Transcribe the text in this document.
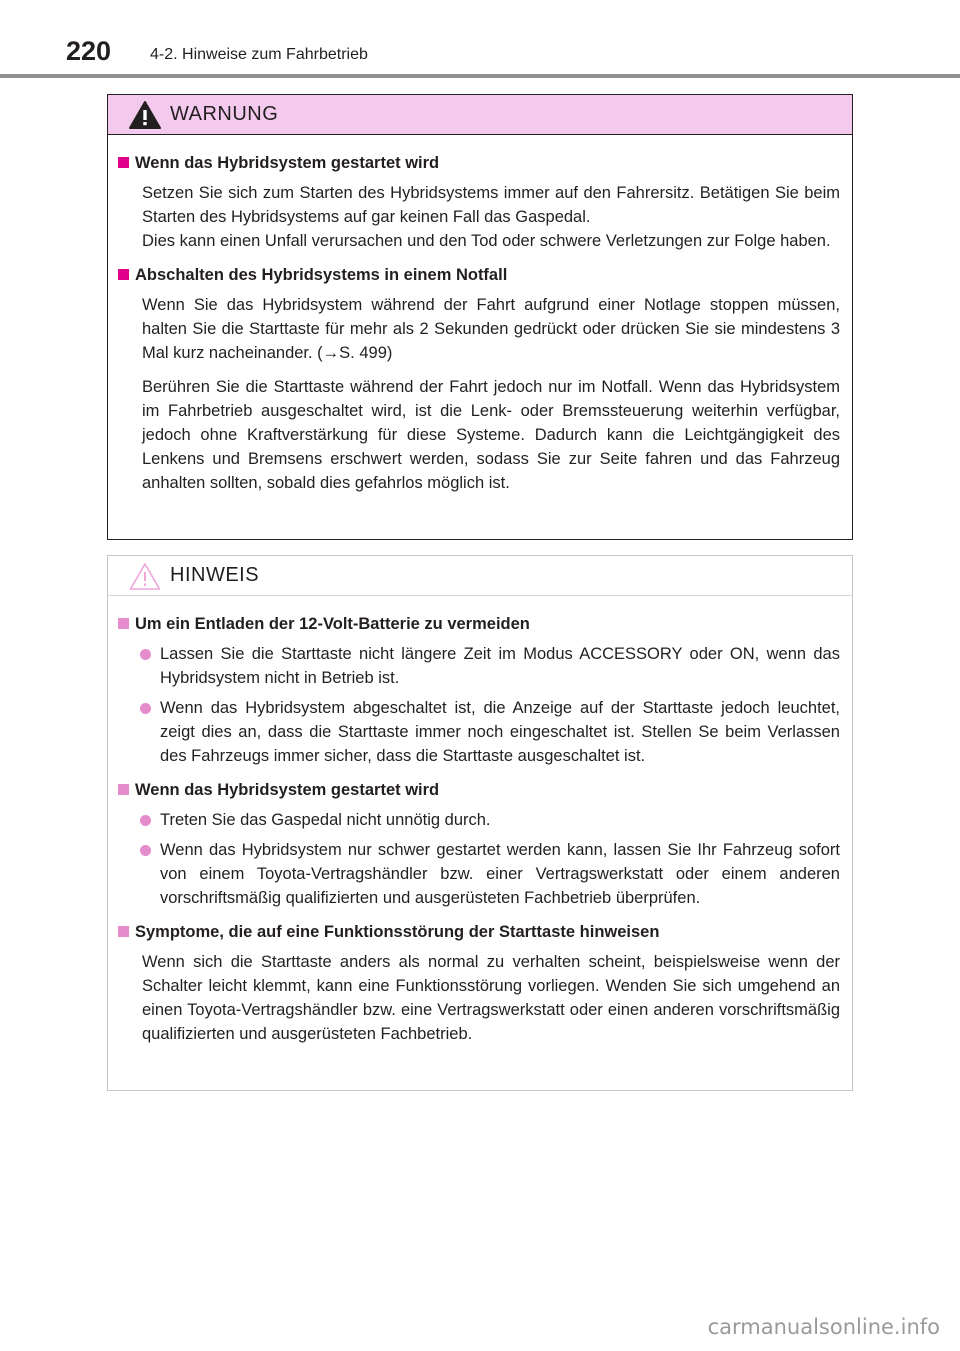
220 4-2. Hinweise zum Fahrbetrieb
WARNUNG
Wenn das Hybridsystem gestartet wird
Setzen Sie sich zum Starten des Hybridsystems immer auf den Fahrersitz. Betätigen Sie beim Starten des Hybridsystems auf gar keinen Fall das Gaspedal.
Dies kann einen Unfall verursachen und den Tod oder schwere Verletzungen zur Folge haben.
Abschalten des Hybridsystems in einem Notfall
Wenn Sie das Hybridsystem während der Fahrt aufgrund einer Notlage stoppen müssen, halten Sie die Starttaste für mehr als 2 Sekunden gedrückt oder drücken Sie sie mindestens 3 Mal kurz nacheinander. (→S. 499)
Berühren Sie die Starttaste während der Fahrt jedoch nur im Notfall. Wenn das Hybridsystem im Fahrbetrieb ausgeschaltet wird, ist die Lenk- oder Bremssteuerung weiterhin verfügbar, jedoch ohne Kraftverstärkung für diese Systeme. Dadurch kann die Leichtgängigkeit des Lenkens und Bremsens erschwert werden, sodass Sie zur Seite fahren und das Fahrzeug anhalten sollten, sobald dies gefahrlos möglich ist.
HINWEIS
Um ein Entladen der 12-Volt-Batterie zu vermeiden
Lassen Sie die Starttaste nicht längere Zeit im Modus ACCESSORY oder ON, wenn das Hybridsystem nicht in Betrieb ist.
Wenn das Hybridsystem abgeschaltet ist, die Anzeige auf der Starttaste jedoch leuchtet, zeigt dies an, dass die Starttaste immer noch eingeschaltet ist. Stellen Se beim Verlassen des Fahrzeugs immer sicher, dass die Starttaste ausgeschaltet ist.
Wenn das Hybridsystem gestartet wird
Treten Sie das Gaspedal nicht unnötig durch.
Wenn das Hybridsystem nur schwer gestartet werden kann, lassen Sie Ihr Fahrzeug sofort von einem Toyota-Vertragshändler bzw. einer Vertragswerkstatt oder einem anderen vorschriftsmäßig qualifizierten und ausgerüsteten Fachbetrieb überprüfen.
Symptome, die auf eine Funktionsstörung der Starttaste hinweisen
Wenn sich die Starttaste anders als normal zu verhalten scheint, beispielsweise wenn der Schalter leicht klemmt, kann eine Funktionsstörung vorliegen. Wenden Sie sich umgehend an einen Toyota-Vertragshändler bzw. eine Vertragswerkstatt oder einen anderen vorschriftsmäßig qualifizierten und ausgerüsteten Fachbetrieb.
carmanualsonline.info
